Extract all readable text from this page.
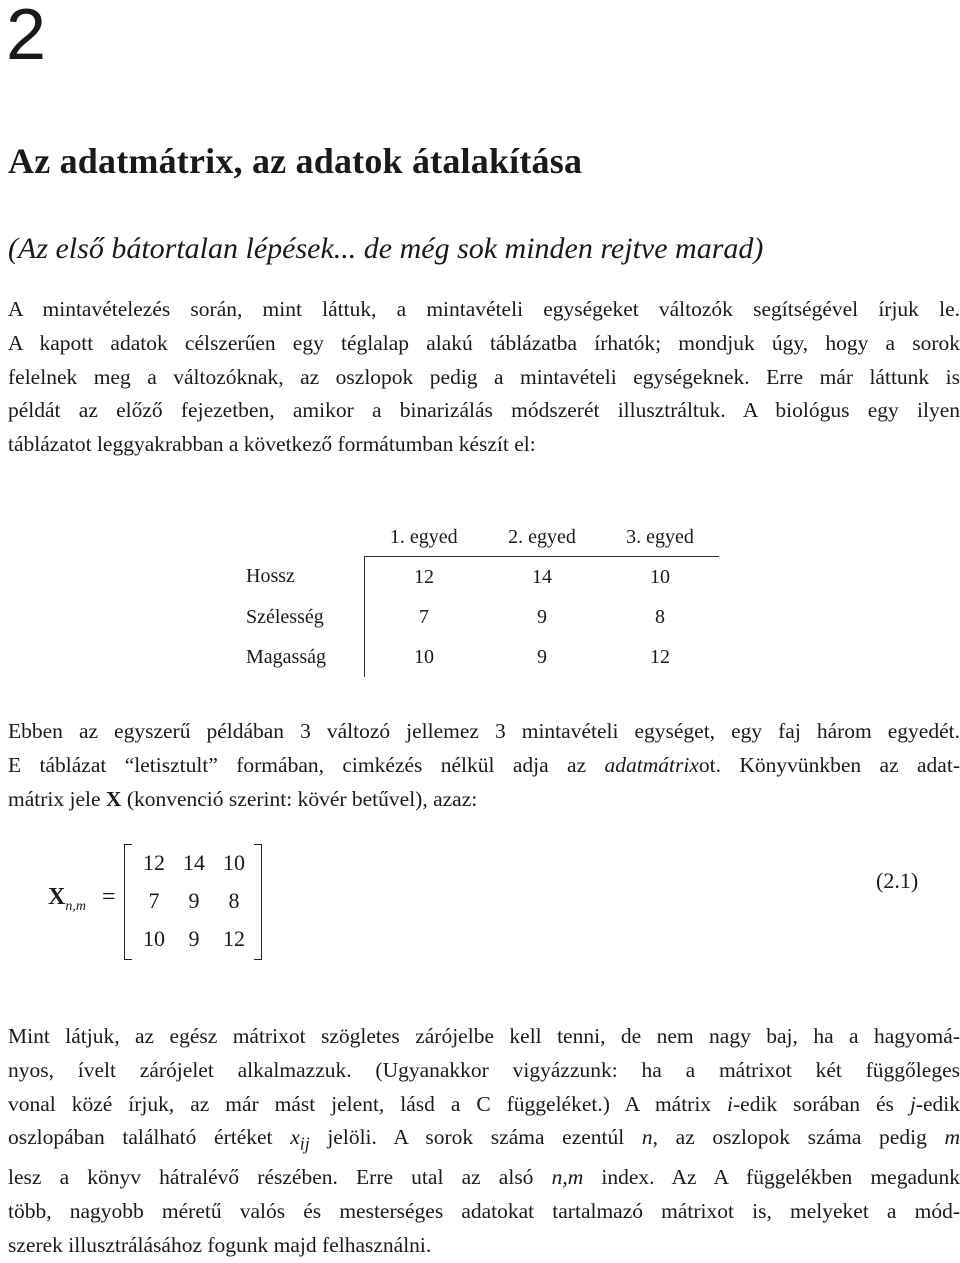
2
Az adatmátrix, az adatok átalakítása
(Az első bátortalan lépések... de még sok minden rejtve marad)

A mintavételezés során, mint láttuk, a mintavételi egységeket változók segítségével írjuk le.
A kapott adatok célszerűen egy téglalap alakú táblázatba írhatók; mondjuk úgy, hogy a sorok
felelnek meg a változóknak, az oszlopok pedig a mintavételi egységeknek. Erre már láttunk is
példát az előző fejezetben, amikor a binarizálás módszerét illusztráltuk. A biológus egy ilyen
táblázatot leggyakrabban a következő formátumban készít el:

	1. egyed	2. egyed	3. egyed
Hossz	12	14	10
Szélesség	7	9	8
Magasság	10	9	12

Ebben az egyszerű példában 3 változó jellemez 3 mintavételi egységet, egy faj három egyedét.
E táblázat “letisztult” formában, cimkézés nélkül adja az adatmátrixot. Könyvünkben az adat-
mátrix jele X (konvenció szerint: kövér betűvel), azaz:

$X_{n,m}$ =
12	14	10
7	9	8
10	9	12
(2.1)

Mint látjuk, az egész mátrixot szögletes zárójelbe kell tenni, de nem nagy baj, ha a hagyomá-
nyos, ívelt zárójelet alkalmazzuk. (Ugyanakkor vigyázzunk: ha a mátrixot két függőleges
vonal közé írjuk, az már mást jelent, lásd a C függeléket.) A mátrix i-edik sorában és j-edik
oszlopában található értéket $x_{ij}$ jelöli. A sorok száma ezentúl n, az oszlopok száma pedig m
lesz a könyv hátralévő részében. Erre utal az alsó n,m index. Az A függelékben megadunk
több, nagyobb méretű valós és mesterséges adatokat tartalmazó mátrixot is, melyeket a mód-
szerek illusztrálásához fogunk majd felhasználni.
